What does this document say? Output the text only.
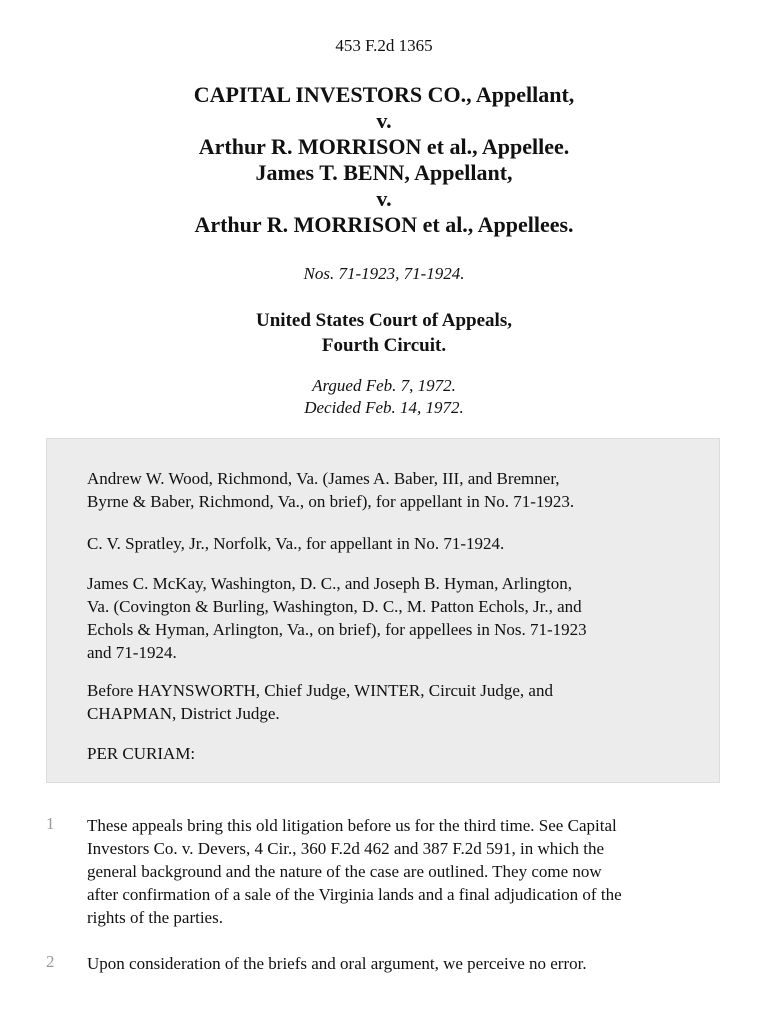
453 F.2d 1365
CAPITAL INVESTORS CO., Appellant,
v.
Arthur R. MORRISON et al., Appellee.
James T. BENN, Appellant,
v.
Arthur R. MORRISON et al., Appellees.
Nos. 71-1923, 71-1924.
United States Court of Appeals,
Fourth Circuit.
Argued Feb. 7, 1972.
Decided Feb. 14, 1972.
Andrew W. Wood, Richmond, Va. (James A. Baber, III, and Bremner,
Byrne & Baber, Richmond, Va., on brief), for appellant in No. 71-1923.
C. V. Spratley, Jr., Norfolk, Va., for appellant in No. 71-1924.
James C. McKay, Washington, D. C., and Joseph B. Hyman, Arlington,
Va. (Covington & Burling, Washington, D. C., M. Patton Echols, Jr., and
Echols & Hyman, Arlington, Va., on brief), for appellees in Nos. 71-1923
and 71-1924.
Before HAYNSWORTH, Chief Judge, WINTER, Circuit Judge, and
CHAPMAN, District Judge.
PER CURIAM:
1 These appeals bring this old litigation before us for the third time. See Capital
Investors Co. v. Devers, 4 Cir., 360 F.2d 462 and 387 F.2d 591, in which the
general background and the nature of the case are outlined. They come now
after confirmation of a sale of the Virginia lands and a final adjudication of the
rights of the parties.
2 Upon consideration of the briefs and oral argument, we perceive no error.
